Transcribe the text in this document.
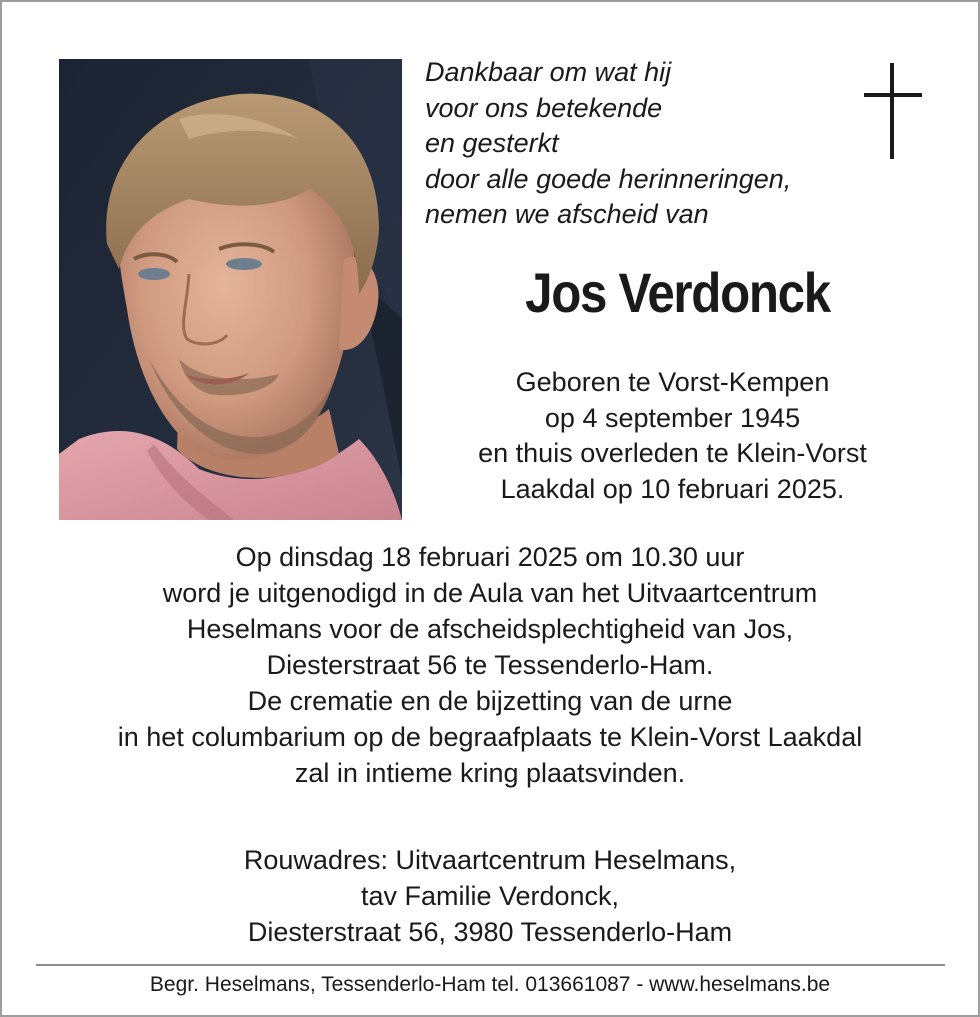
Dankbaar om wat hij
voor ons betekende
en gesterkt
door alle goede herinneringen,
nemen we afscheid van
Jos Verdonck
Geboren te Vorst-Kempen
op 4 september 1945
en thuis overleden te Klein-Vorst
Laakdal op 10 februari 2025.
Op dinsdag 18 februari 2025 om 10.30 uur
word je uitgenodigd in de Aula van het Uitvaartcentrum
Heselmans voor de afscheidsplechtigheid van Jos,
Diesterstraat 56 te Tessenderlo-Ham.
De crematie en de bijzetting van de urne
in het columbarium op de begraafplaats te Klein-Vorst Laakdal
zal in intieme kring plaatsvinden.
Rouwadres: Uitvaartcentrum Heselmans,
tav Familie Verdonck,
Diesterstraat 56, 3980 Tessenderlo-Ham
Begr. Heselmans, Tessenderlo-Ham tel. 013661087 - www.heselmans.be
